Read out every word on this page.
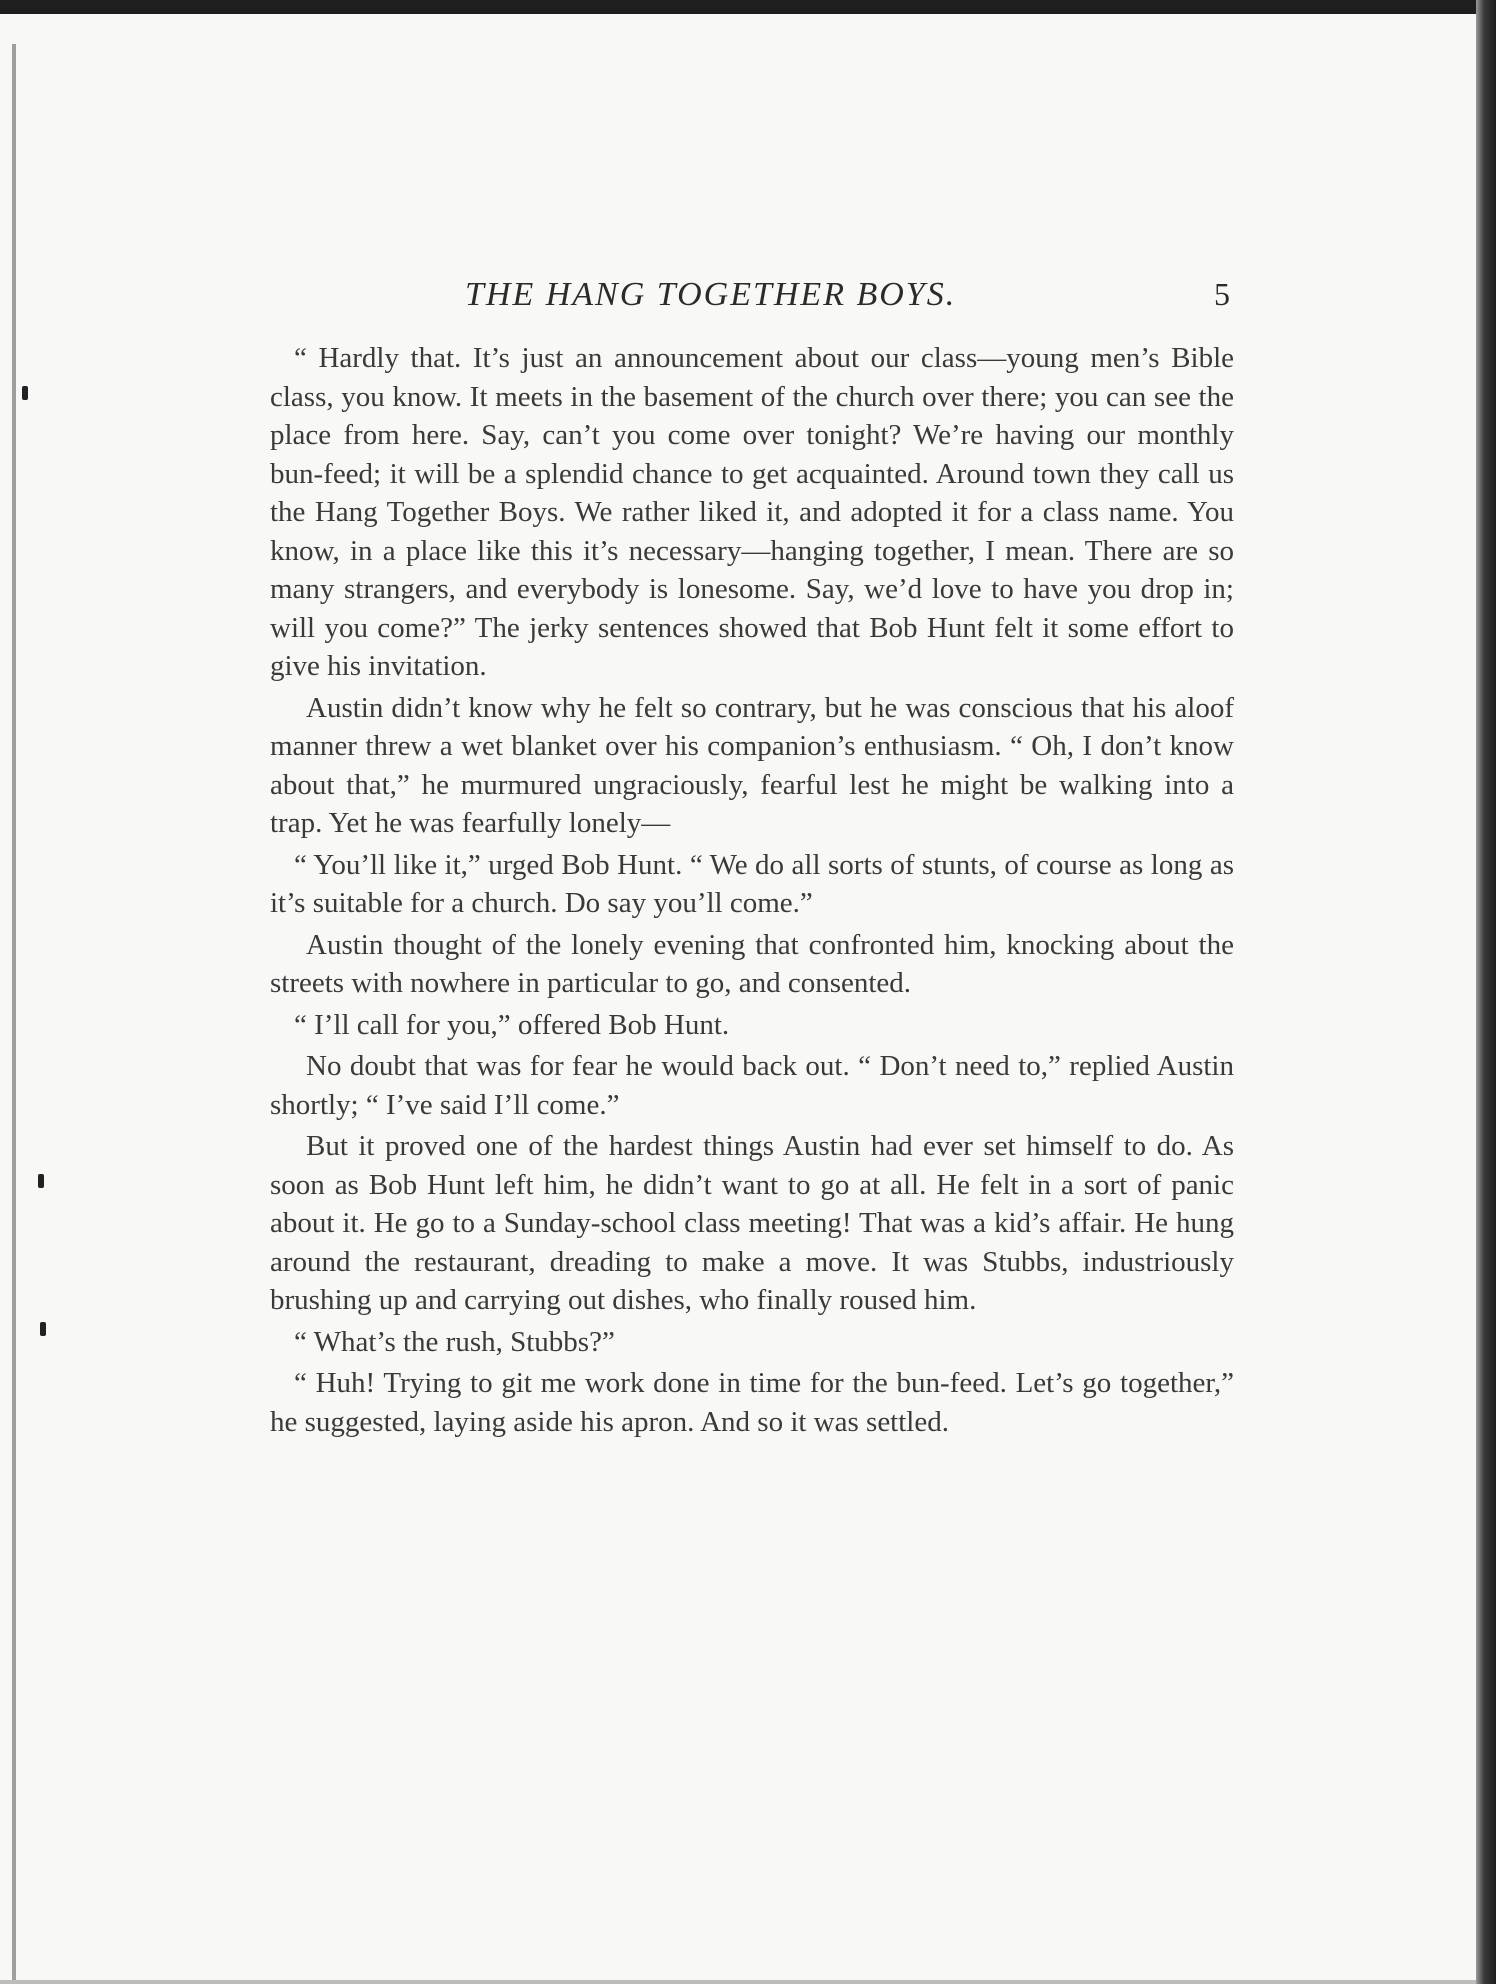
THE HANG TOGETHER BOYS.	5

“ Hardly that. It’s just an announcement about our class—young men’s Bible class, you know. It meets in the basement of the church over there; you can see the place from here. Say, can’t you come over tonight? We’re having our monthly bun-feed; it will be a splendid chance to get acquainted. Around town they call us the Hang Together Boys. We rather liked it, and adopted it for a class name. You know, in a place like this it’s necessary—hanging together, I mean. There are so many strangers, and everybody is lonesome. Say, we’d love to have you drop in; will you come?” The jerky sentences showed that Bob Hunt felt it some effort to give his invitation.

Austin didn’t know why he felt so contrary, but he was conscious that his aloof manner threw a wet blanket over his companion’s enthusiasm. “ Oh, I don’t know about that,” he murmured ungraciously, fearful lest he might be walking into a trap. Yet he was fearfully lonely—

“ You’ll like it,” urged Bob Hunt. “ We do all sorts of stunts, of course as long as it’s suitable for a church. Do say you’ll come.”

Austin thought of the lonely evening that confronted him, knocking about the streets with nowhere in particular to go, and consented.

“ I’ll call for you,” offered Bob Hunt.

No doubt that was for fear he would back out. “ Don’t need to,” replied Austin shortly; “ I’ve said I’ll come.”

But it proved one of the hardest things Austin had ever set himself to do. As soon as Bob Hunt left him, he didn’t want to go at all. He felt in a sort of panic about it. He go to a Sunday-school class meeting! That was a kid’s affair. He hung around the restaurant, dreading to make a move. It was Stubbs, industriously brushing up and carrying out dishes, who finally roused him.

“ What’s the rush, Stubbs?”

“ Huh! Trying to git me work done in time for the bun-feed. Let’s go together,” he suggested, laying aside his apron. And so it was settled.
